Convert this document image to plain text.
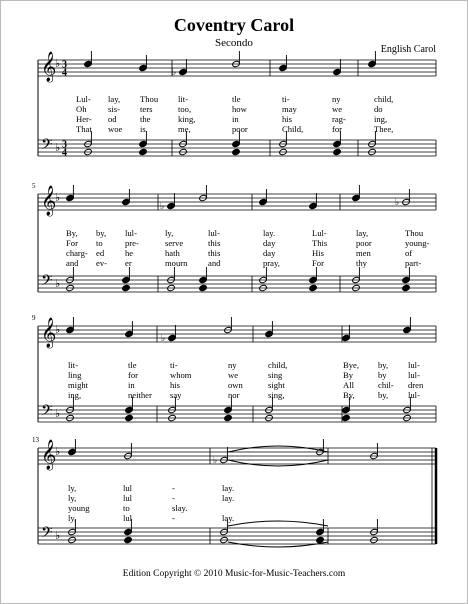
Coventry Carol
Secondo
English Carol
𝄞
𝄢
♭
♭
3
4
3
4
♭
Lul- lay, Thou lit-	tle	ti-	ny	child,
Oh sis- ters	too,	how	may	we	do
Her- od	the	king,	in	his	rag-	ing,
That woe is	me,	poor	Child,	for	Thee,
𝄞
𝄢
♭
♭
5
♭	♭
By, by, lul-	ly,	lul-	lay.	Lul-	lay,	Thou
For to	pre-	serve	this	day	This	poor	young-
charg- ed he	hath	this	day	His	men	of
and ev- er	mourn and	pray,	For	thy	part-
𝄞
𝄢
♭
♭
9
♭
lit-	tle	ti-	ny	child,	Bye, by, lul-
ling	for	whom	we	sing	By	by lul-
might	in	his	own	sight	All	chil- dren
ing,	neither say	nor	sing,	By,	by, lul-
𝄞
𝄢
♭
♭
13
♭
ly,	lul	-	lay.
ly,	lul	-	lay.
young	to	slay.
ly,	lul	-	lay.
Edition Copyright © 2010 Music-for-Music-Teachers.com
